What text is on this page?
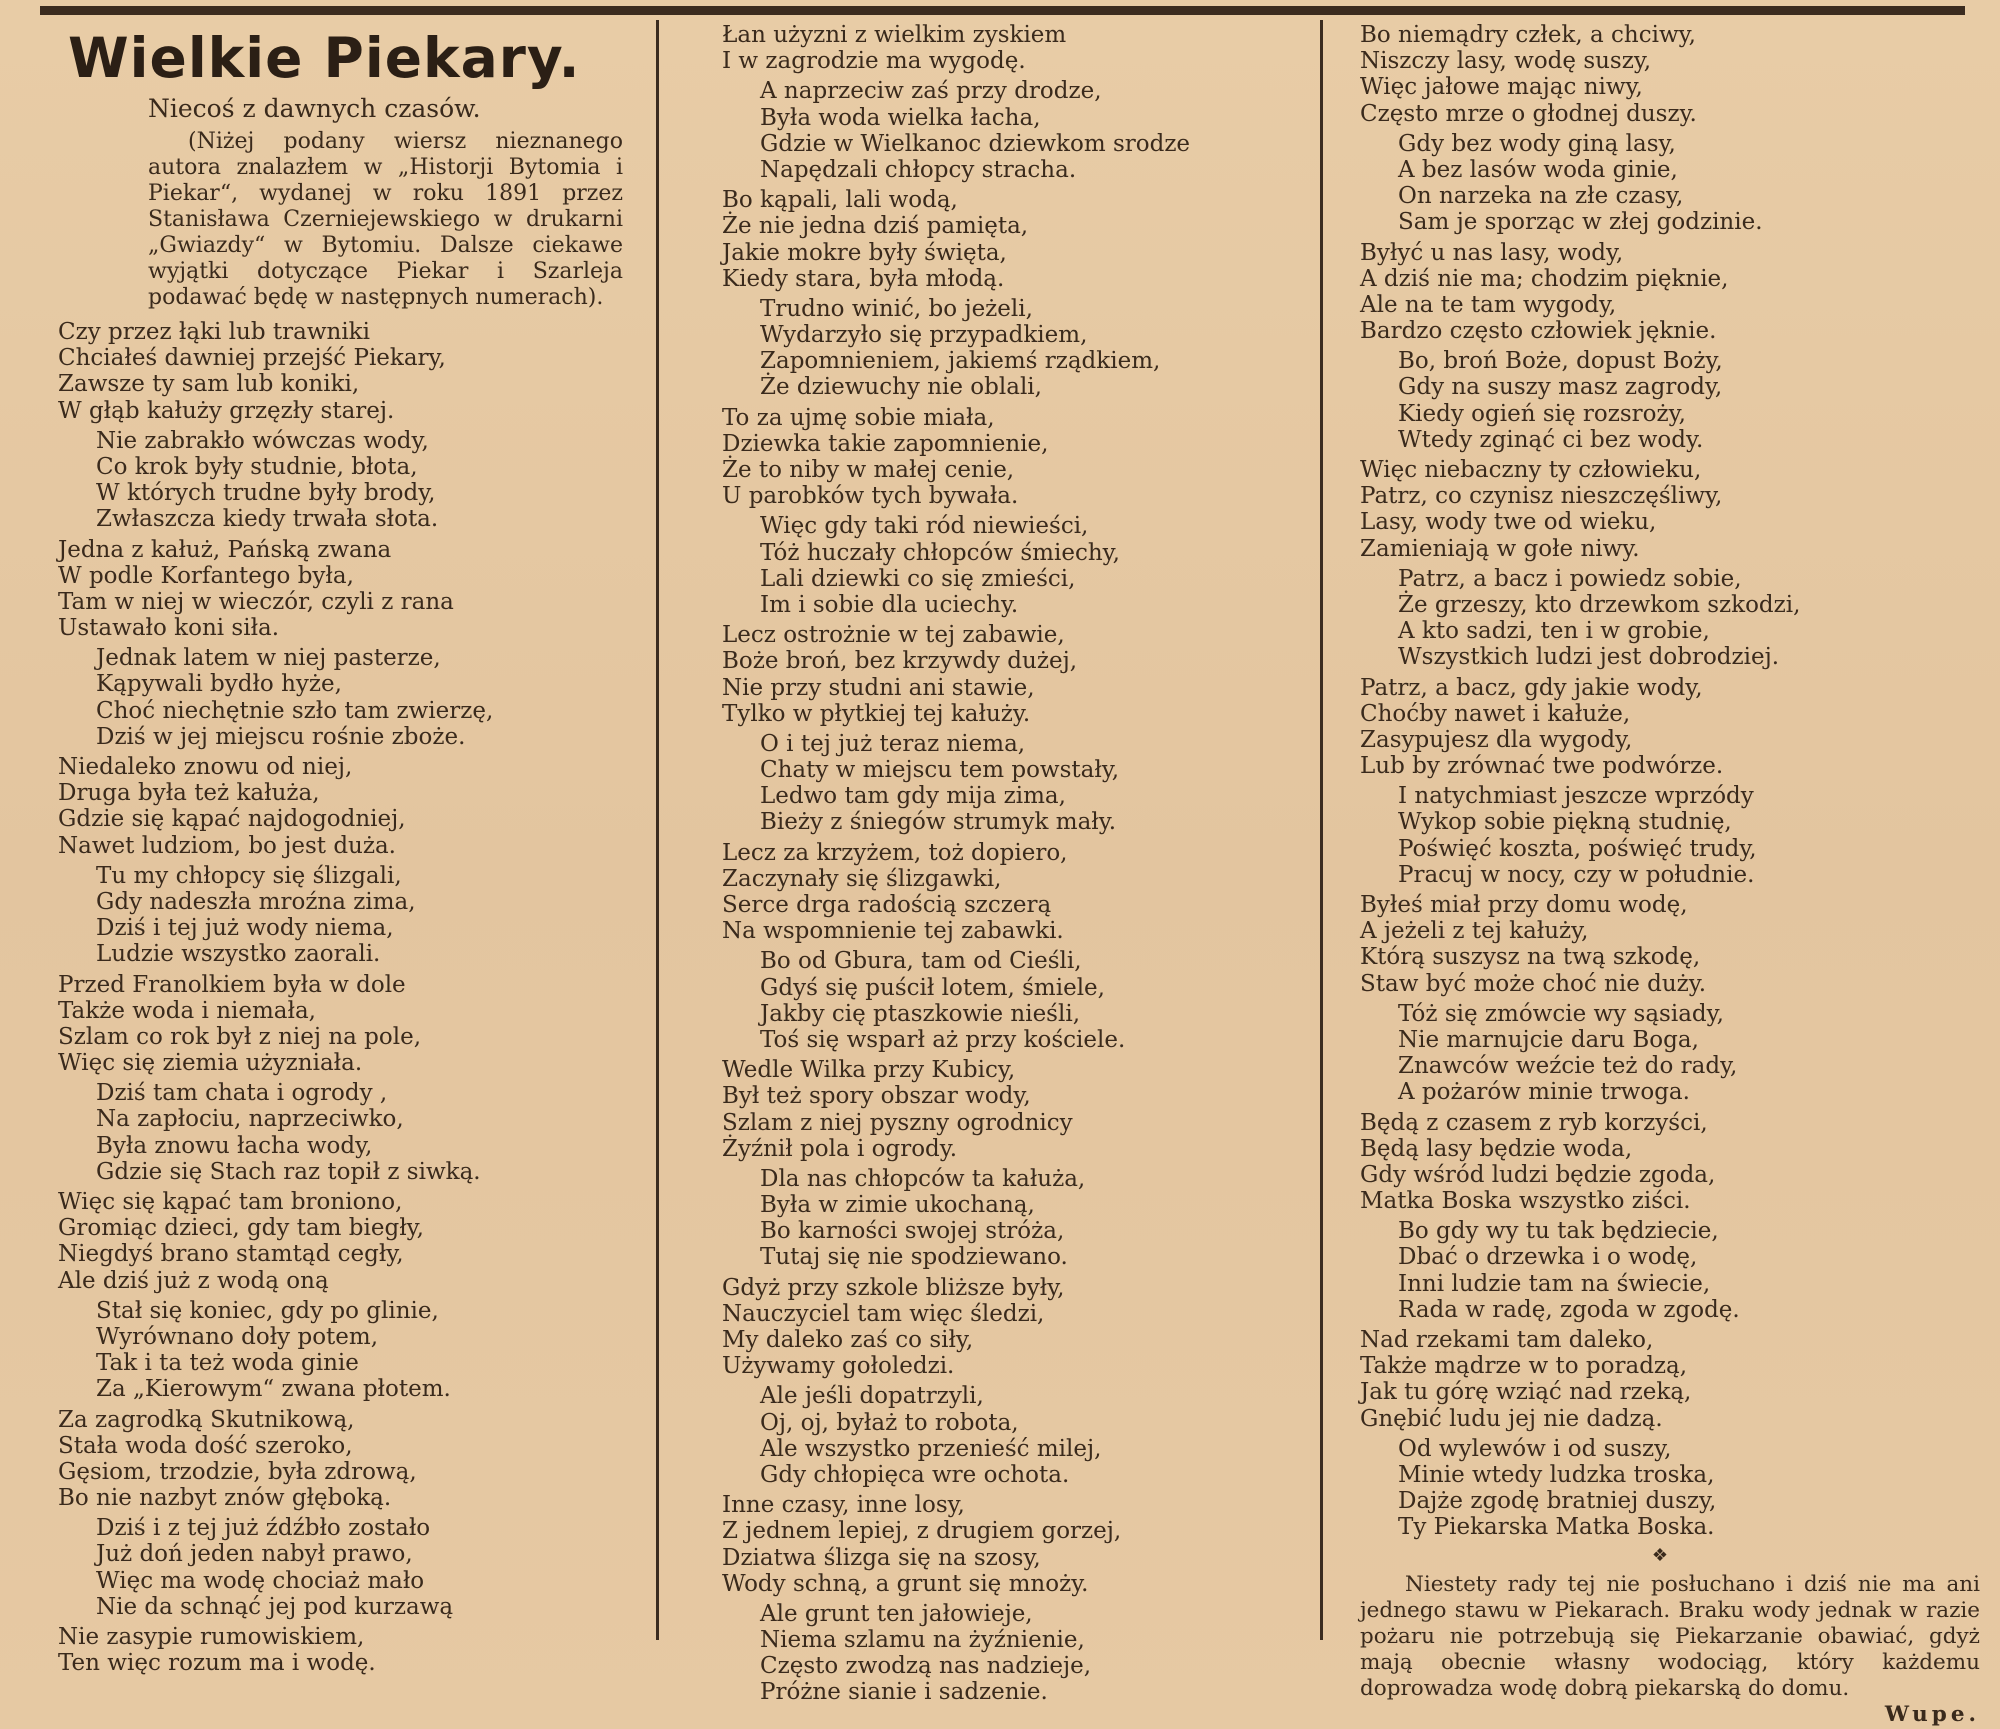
Wielkie Piekary.
Niecoś z dawnych czasów.
(Niżej podany wiersz nieznanego autora znalazłem w „Historji Bytomia i Piekar“, wydanej w roku 1891 przez Stanisława Czerniejewskiego w drukarni „Gwiazdy“ w Bytomiu. Dalsze ciekawe wyjątki dotyczące Piekar i Szarleja podawać będę w następnych numerach).
Czy przez łąki lub trawniki
Chciałeś dawniej przejść Piekary,
Zawsze ty sam lub koniki,
W głąb kałuży grzęzły starej.
Nie zabrakło wówczas wody,
Co krok były studnie, błota,
W których trudne były brody,
Zwłaszcza kiedy trwała słota.
Jedna z kałuż, Pańską zwana
W podle Korfantego była,
Tam w niej w wieczór, czyli z rana
Ustawało koni siła.
Jednak latem w niej pasterze,
Kąpywali bydło hyże,
Choć niechętnie szło tam zwierzę,
Dziś w jej miejscu rośnie zboże.
Niedaleko znowu od niej,
Druga była też kałuża,
Gdzie się kąpać najdogodniej,
Nawet ludziom, bo jest duża.
Tu my chłopcy się ślizgali,
Gdy nadeszła mroźna zima,
Dziś i tej już wody niema,
Ludzie wszystko zaorali.
Przed Franolkiem była w dole
Także woda i niemała,
Szlam co rok był z niej na pole,
Więc się ziemia użyzniała.
Dziś tam chata i ogrody ,
Na zapłociu, naprzeciwko,
Była znowu łacha wody,
Gdzie się Stach raz topił z siwką.
Więc się kąpać tam broniono,
Gromiąc dzieci, gdy tam biegły,
Niegdyś brano stamtąd cegły,
Ale dziś już z wodą oną
Stał się koniec, gdy po glinie,
Wyrównano doły potem,
Tak i ta też woda ginie
Za „Kierowym“ zwana płotem.
Za zagrodką Skutnikową,
Stała woda dość szeroko,
Gęsiom, trzodzie, była zdrową,
Bo nie nazbyt znów głęboką.
Dziś i z tej już źdźbło zostało
Już doń jeden nabył prawo,
Więc ma wodę chociaż mało
Nie da schnąć jej pod kurzawą
Nie zasypie rumowiskiem,
Ten więc rozum ma i wodę.
Łan użyzni z wielkim zyskiem
I w zagrodzie ma wygodę.
A naprzeciw zaś przy drodze,
Była woda wielka łacha,
Gdzie w Wielkanoc dziewkom srodze
Napędzali chłopcy stracha.
Bo kąpali, lali wodą,
Że nie jedna dziś pamięta,
Jakie mokre były święta,
Kiedy stara, była młodą.
Trudno winić, bo jeżeli,
Wydarzyło się przypadkiem,
Zapomnieniem, jakiemś rządkiem,
Że dziewuchy nie oblali,
To za ujmę sobie miała,
Dziewka takie zapomnienie,
Że to niby w małej cenie,
U parobków tych bywała.
Więc gdy taki ród niewieści,
Tóż huczały chłopców śmiechy,
Lali dziewki co się zmieści,
Im i sobie dla uciechy.
Lecz ostrożnie w tej zabawie,
Boże broń, bez krzywdy dużej,
Nie przy studni ani stawie,
Tylko w płytkiej tej kałuży.
O i tej już teraz niema,
Chaty w miejscu tem powstały,
Ledwo tam gdy mija zima,
Bieży z śniegów strumyk mały.
Lecz za krzyżem, toż dopiero,
Zaczynały się ślizgawki,
Serce drga radością szczerą
Na wspomnienie tej zabawki.
Bo od Gbura, tam od Cieśli,
Gdyś się puścił lotem, śmiele,
Jakby cię ptaszkowie nieśli,
Toś się wsparł aż przy kościele.
Wedle Wilka przy Kubicy,
Był też spory obszar wody,
Szlam z niej pyszny ogrodnicy
Żyźnił pola i ogrody.
Dla nas chłopców ta kałuża,
Była w zimie ukochaną,
Bo karności swojej stróża,
Tutaj się nie spodziewano.
Gdyż przy szkole bliższe były,
Nauczyciel tam więc śledzi,
My daleko zaś co siły,
Używamy gołoledzi.
Ale jeśli dopatrzyli,
Oj, oj, byłaż to robota,
Ale wszystko przenieść milej,
Gdy chłopięca wre ochota.
Inne czasy, inne losy,
Z jednem lepiej, z drugiem gorzej,
Dziatwa ślizga się na szosy,
Wody schną, a grunt się mnoży.
Ale grunt ten jałowieje,
Niema szlamu na żyźnienie,
Często zwodzą nas nadzieje,
Próżne sianie i sadzenie.
Bo niemądry człek, a chciwy,
Niszczy lasy, wodę suszy,
Więc jałowe mając niwy,
Często mrze o głodnej duszy.
Gdy bez wody giną lasy,
A bez lasów woda ginie,
On narzeka na złe czasy,
Sam je sporząc w złej godzinie.
Byłyć u nas lasy, wody,
A dziś nie ma; chodzim pięknie,
Ale na te tam wygody,
Bardzo często człowiek jęknie.
Bo, broń Boże, dopust Boży,
Gdy na suszy masz zagrody,
Kiedy ogień się rozsroży,
Wtedy zginąć ci bez wody.
Więc niebaczny ty człowieku,
Patrz, co czynisz nieszczęśliwy,
Lasy, wody twe od wieku,
Zamieniają w gołe niwy.
Patrz, a bacz i powiedz sobie,
Że grzeszy, kto drzewkom szkodzi,
A kto sadzi, ten i w grobie,
Wszystkich ludzi jest dobrodziej.
Patrz, a bacz, gdy jakie wody,
Choćby nawet i kałuże,
Zasypujesz dla wygody,
Lub by zrównać twe podwórze.
I natychmiast jeszcze wprzódy
Wykop sobie piękną studnię,
Poświęć koszta, poświęć trudy,
Pracuj w nocy, czy w południe.
Byłeś miał przy domu wodę,
A jeżeli z tej kałuży,
Którą suszysz na twą szkodę,
Staw być może choć nie duży.
Tóż się zmówcie wy sąsiady,
Nie marnujcie daru Boga,
Znawców weźcie też do rady,
A pożarów minie trwoga.
Będą z czasem z ryb korzyści,
Będą lasy będzie woda,
Gdy wśród ludzi będzie zgoda,
Matka Boska wszystko ziści.
Bo gdy wy tu tak będziecie,
Dbać o drzewka i o wodę,
Inni ludzie tam na świecie,
Rada w radę, zgoda w zgodę.
Nad rzekami tam daleko,
Także mądrze w to poradzą,
Jak tu górę wziąć nad rzeką,
Gnębić ludu jej nie dadzą.
Od wylewów i od suszy,
Minie wtedy ludzka troska,
Dajże zgodę bratniej duszy,
Ty Piekarska Matka Boska.
❖
Niestety rady tej nie posłuchano i dziś nie ma ani jednego stawu w Piekarach. Braku wody jednak w razie pożaru nie potrzebują się Piekarzanie obawiać, gdyż mają obecnie własny wodociąg, który każdemu doprowadza wodę dobrą piekarską do domu.
Wupe.
